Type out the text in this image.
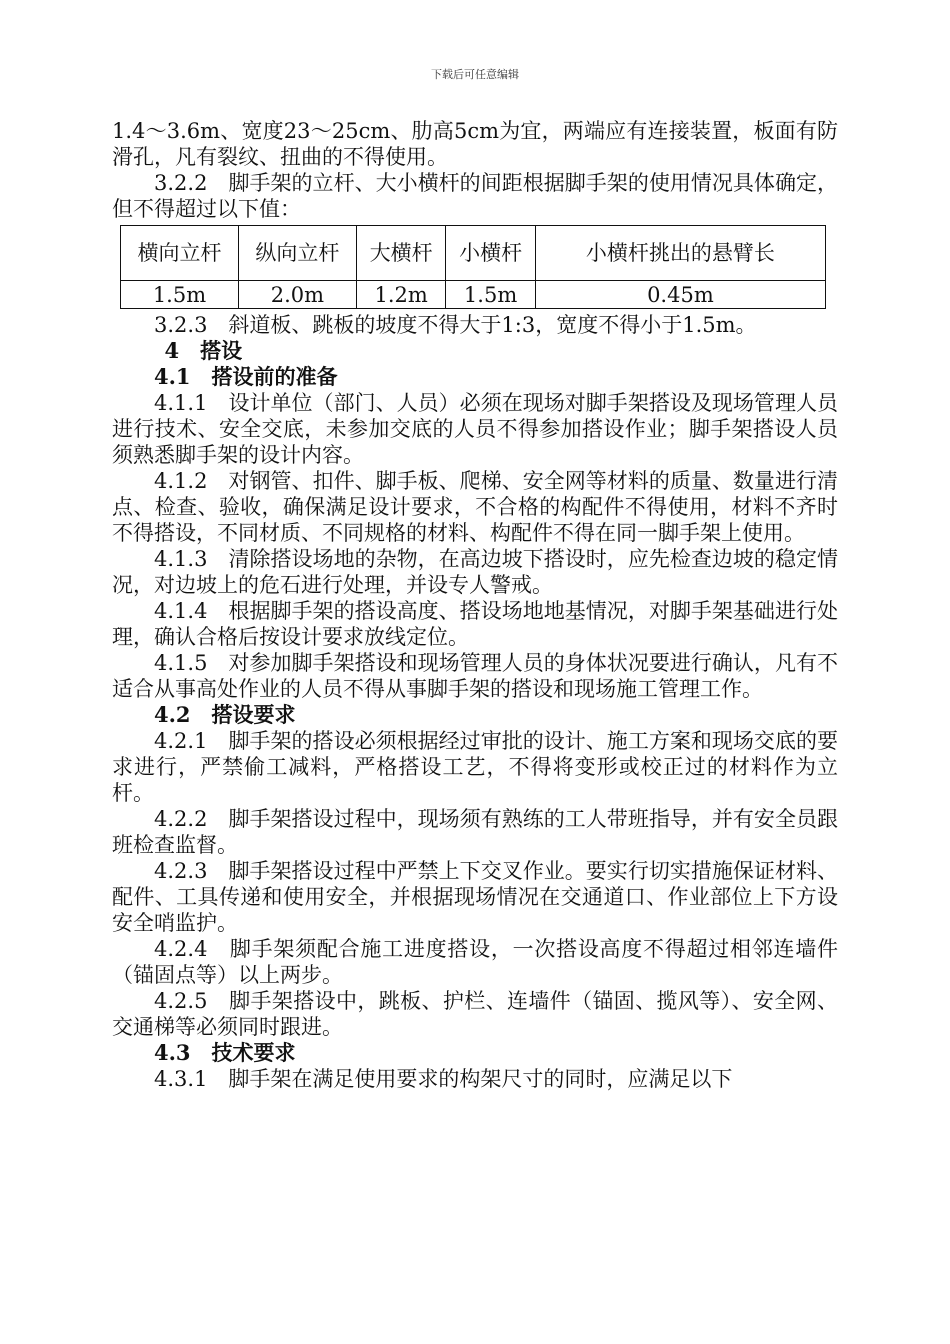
下载后可任意编辑

1.4～3.6m、宽度23～25cm、肋高5cm为宜，两端应有连接装置，板面有防滑孔，凡有裂纹、扭曲的不得使用。

3.2.2　脚手架的立杆、大小横杆的间距根据脚手架的使用情况具体确定，但不得超过以下值：

横向立杆	纵向立杆	大横杆	小横杆	小横杆挑出的悬臂长
1.5m	2.0m	1.2m	1.5m	0.45m

3.2.3　斜道板、跳板的坡度不得大于1:3，宽度不得小于1.5m。

4　搭设

4.1　搭设前的准备

4.1.1　设计单位（部门、人员）必须在现场对脚手架搭设及现场管理人员进行技术、安全交底，未参加交底的人员不得参加搭设作业；脚手架搭设人员须熟悉脚手架的设计内容。

4.1.2　对钢管、扣件、脚手板、爬梯、安全网等材料的质量、数量进行清点、检查、验收，确保满足设计要求，不合格的构配件不得使用，材料不齐时不得搭设，不同材质、不同规格的材料、构配件不得在同一脚手架上使用。

4.1.3　清除搭设场地的杂物，在高边坡下搭设时，应先检查边坡的稳定情况，对边坡上的危石进行处理，并设专人警戒。

4.1.4　根据脚手架的搭设高度、搭设场地地基情况，对脚手架基础进行处理，确认合格后按设计要求放线定位。

4.1.5　对参加脚手架搭设和现场管理人员的身体状况要进行确认，凡有不适合从事高处作业的人员不得从事脚手架的搭设和现场施工管理工作。

4.2　搭设要求

4.2.1　脚手架的搭设必须根据经过审批的设计、施工方案和现场交底的要求进行，严禁偷工减料，严格搭设工艺，不得将变形或校正过的材料作为立杆。

4.2.2　脚手架搭设过程中，现场须有熟练的工人带班指导，并有安全员跟班检查监督。

4.2.3　脚手架搭设过程中严禁上下交叉作业。要实行切实措施保证材料、配件、工具传递和使用安全，并根据现场情况在交通道口、作业部位上下方设安全哨监护。

4.2.4　脚手架须配合施工进度搭设，一次搭设高度不得超过相邻连墙件（锚固点等）以上两步。

4.2.5　脚手架搭设中，跳板、护栏、连墙件（锚固、揽风等）、安全网、交通梯等必须同时跟进。

4.3　技术要求

4.3.1　脚手架在满足使用要求的构架尺寸的同时，应满足以下
